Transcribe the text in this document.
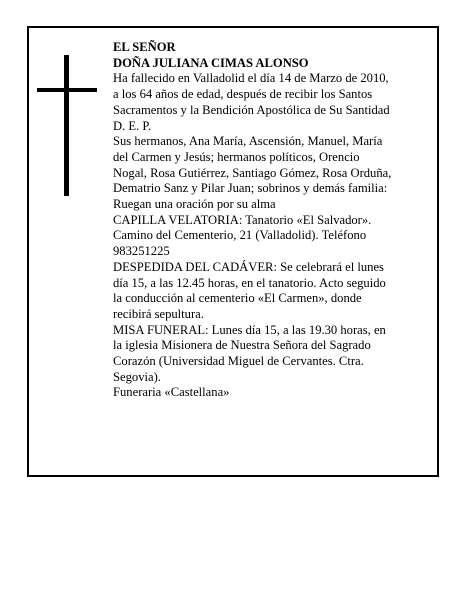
EL SEÑOR
DOÑA JULIANA CIMAS ALONSO
Ha fallecido en Valladolid el día 14 de Marzo de 2010,
a los 64 años de edad, después de recibir los Santos
Sacramentos y la Bendición Apostólica de Su Santidad
D. E. P.
Sus hermanos, Ana María, Ascensión, Manuel, María
del Carmen y Jesús; hermanos políticos, Orencio
Nogal, Rosa Gutiérrez, Santiago Gómez, Rosa Orduña,
Dematrio Sanz y Pilar Juan; sobrinos y demás familia:
Ruegan una oración por su alma
CAPILLA VELATORIA: Tanatorio «El Salvador».
Camino del Cementerio, 21 (Valladolid). Teléfono
983251225
DESPEDIDA DEL CADÁVER: Se celebrará el lunes
día 15, a las 12.45 horas, en el tanatorio. Acto seguido
la conducción al cementerio «El Carmen», donde
recibirá sepultura.
MISA FUNERAL: Lunes día 15, a las 19.30 horas, en
la iglesia Misionera de Nuestra Señora del Sagrado
Corazón (Universidad Miguel de Cervantes. Ctra.
Segovia).
Funeraria «Castellana»
